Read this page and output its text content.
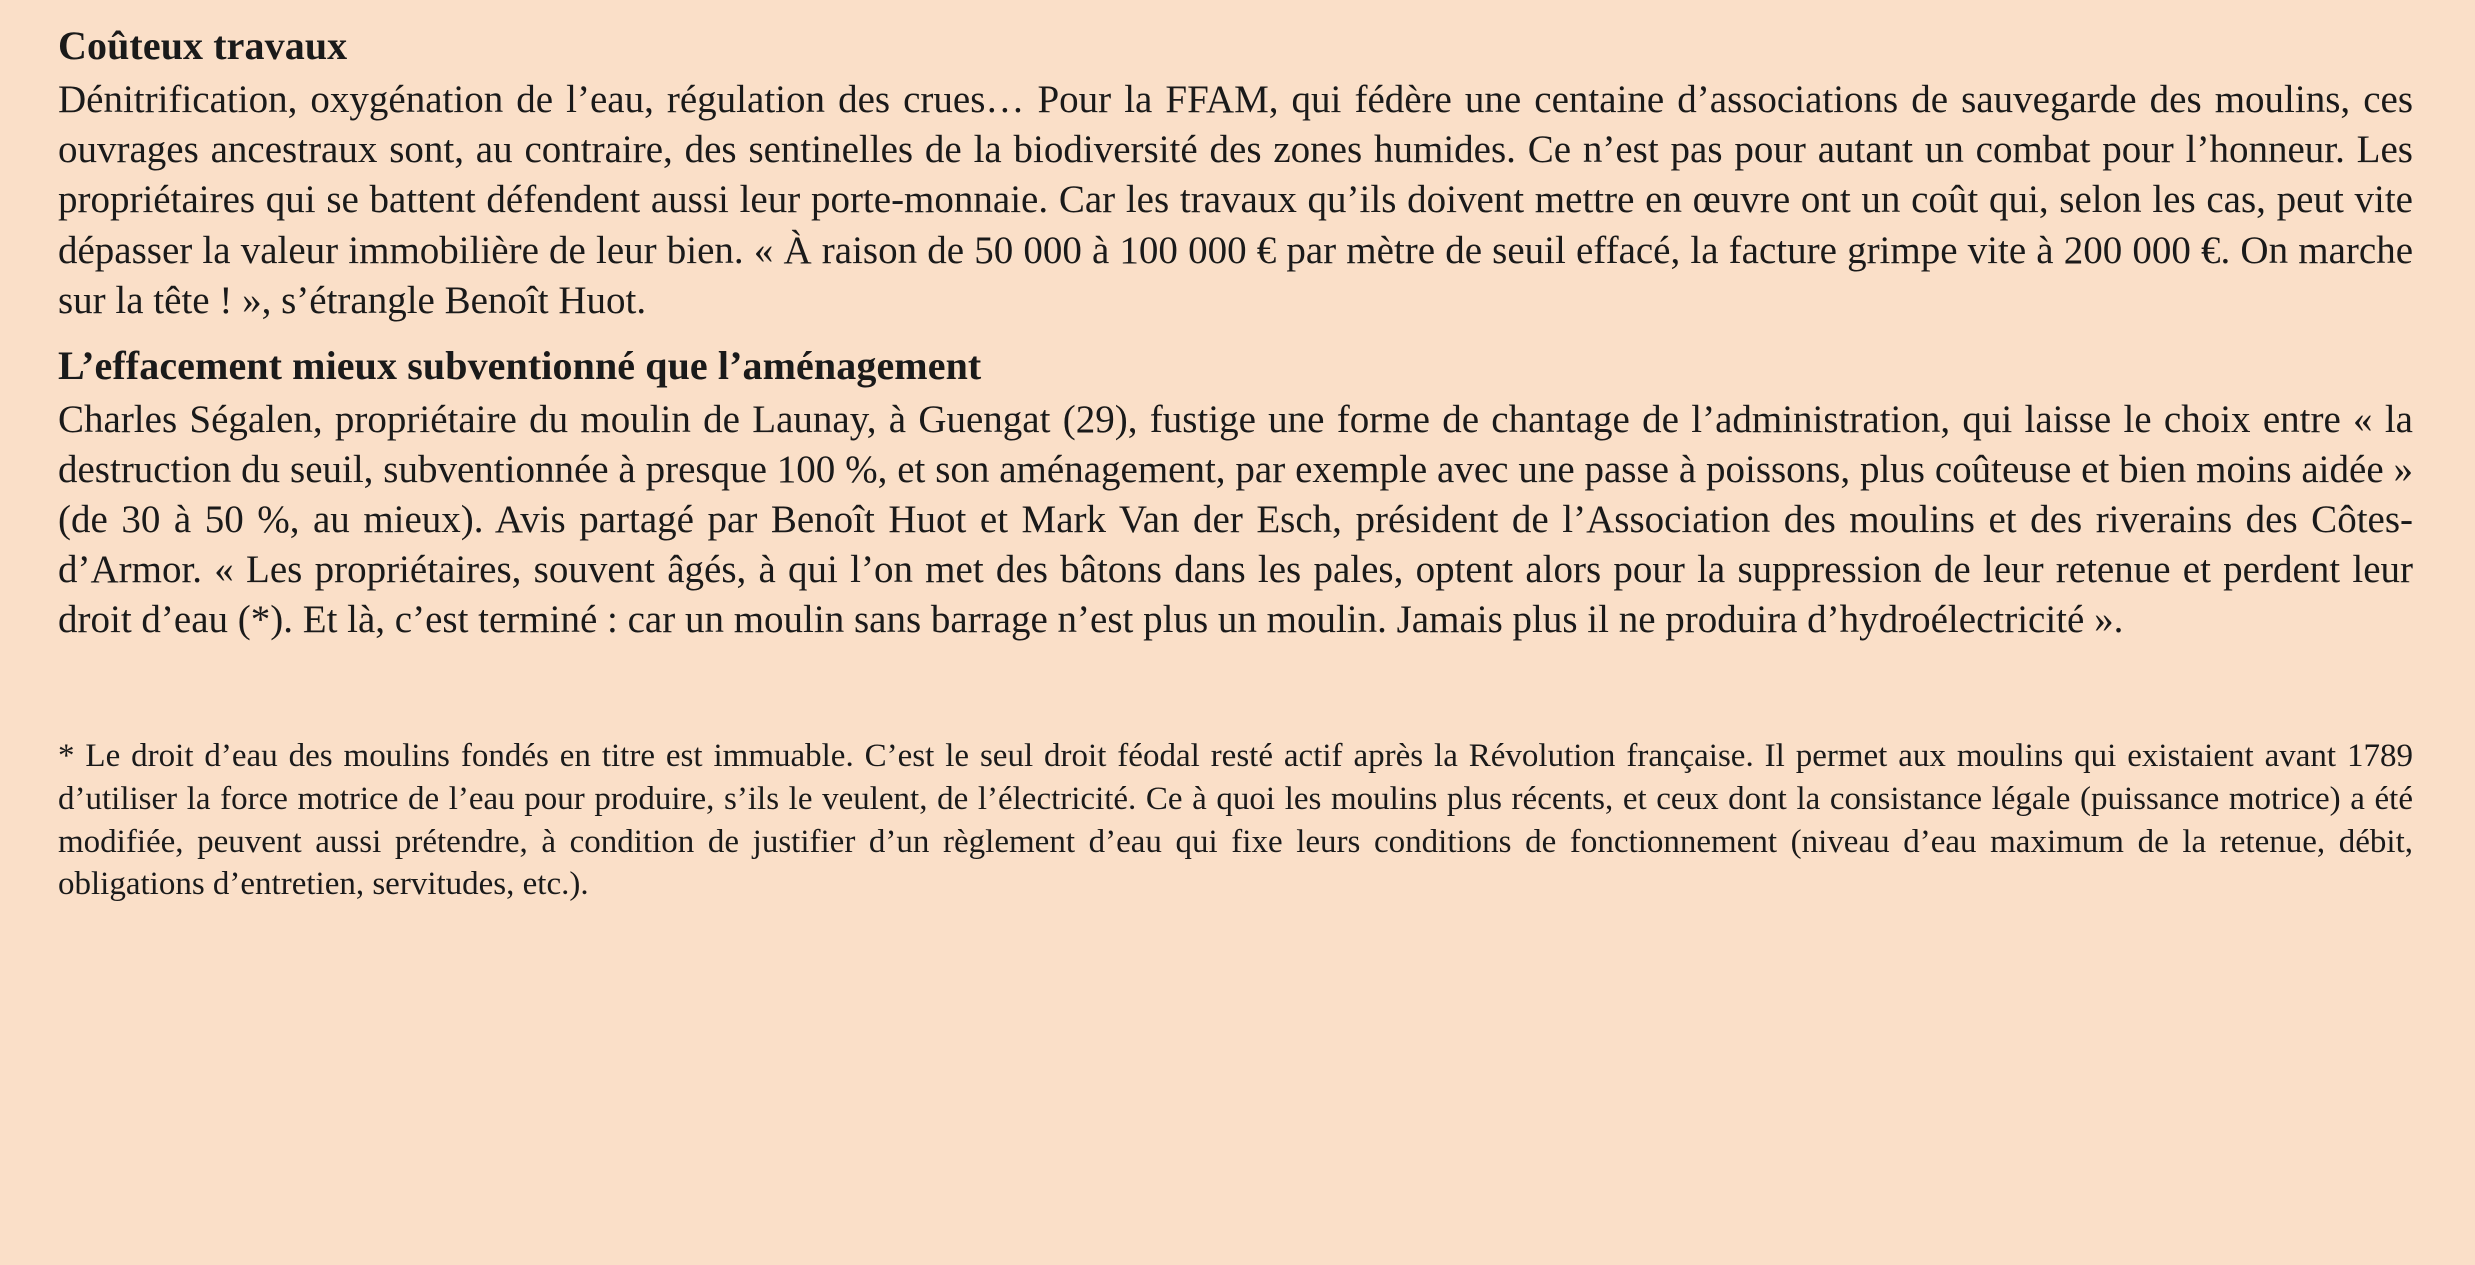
Coûteux travaux

Dénitrification, oxygénation de l’eau, régulation des crues… Pour la FFAM, qui fédère une centaine d’associations de sauvegarde des moulins, ces ouvrages ancestraux sont, au contraire, des sentinelles de la biodiversité des zones humides. Ce n’est pas pour autant un combat pour l’honneur. Les propriétaires qui se battent défendent aussi leur porte-monnaie. Car les travaux qu’ils doivent mettre en œuvre ont un coût qui, selon les cas, peut vite dépasser la valeur immobilière de leur bien. « À raison de 50 000 à 100 000 € par mètre de seuil effacé, la facture grimpe vite à 200 000 €. On marche sur la tête ! », s’étrangle Benoît Huot.

L’effacement mieux subventionné que l’aménagement

Charles Ségalen, propriétaire du moulin de Launay, à Guengat (29), fustige une forme de chantage de l’administration, qui laisse le choix entre « la destruction du seuil, subventionnée à presque 100 %, et son aménagement, par exemple avec une passe à poissons, plus coûteuse et bien moins aidée » (de 30 à 50 %, au mieux). Avis partagé par Benoît Huot et Mark Van der Esch, président de l’Association des moulins et des riverains des Côtes-d’Armor. « Les propriétaires, souvent âgés, à qui l’on met des bâtons dans les pales, optent alors pour la suppression de leur retenue et perdent leur droit d’eau (*). Et là, c’est terminé : car un moulin sans barrage n’est plus un moulin. Jamais plus il ne produira d’hydroélectricité ».

* Le droit d’eau des moulins fondés en titre est immuable. C’est le seul droit féodal resté actif après la Révolution française. Il permet aux moulins qui existaient avant 1789 d’utiliser la force motrice de l’eau pour produire, s’ils le veulent, de l’électricité. Ce à quoi les moulins plus récents, et ceux dont la consistance légale (puissance motrice) a été modifiée, peuvent aussi prétendre, à condition de justifier d’un règlement d’eau qui fixe leurs conditions de fonctionnement (niveau d’eau maximum de la retenue, débit, obligations d’entretien, servitudes, etc.).
